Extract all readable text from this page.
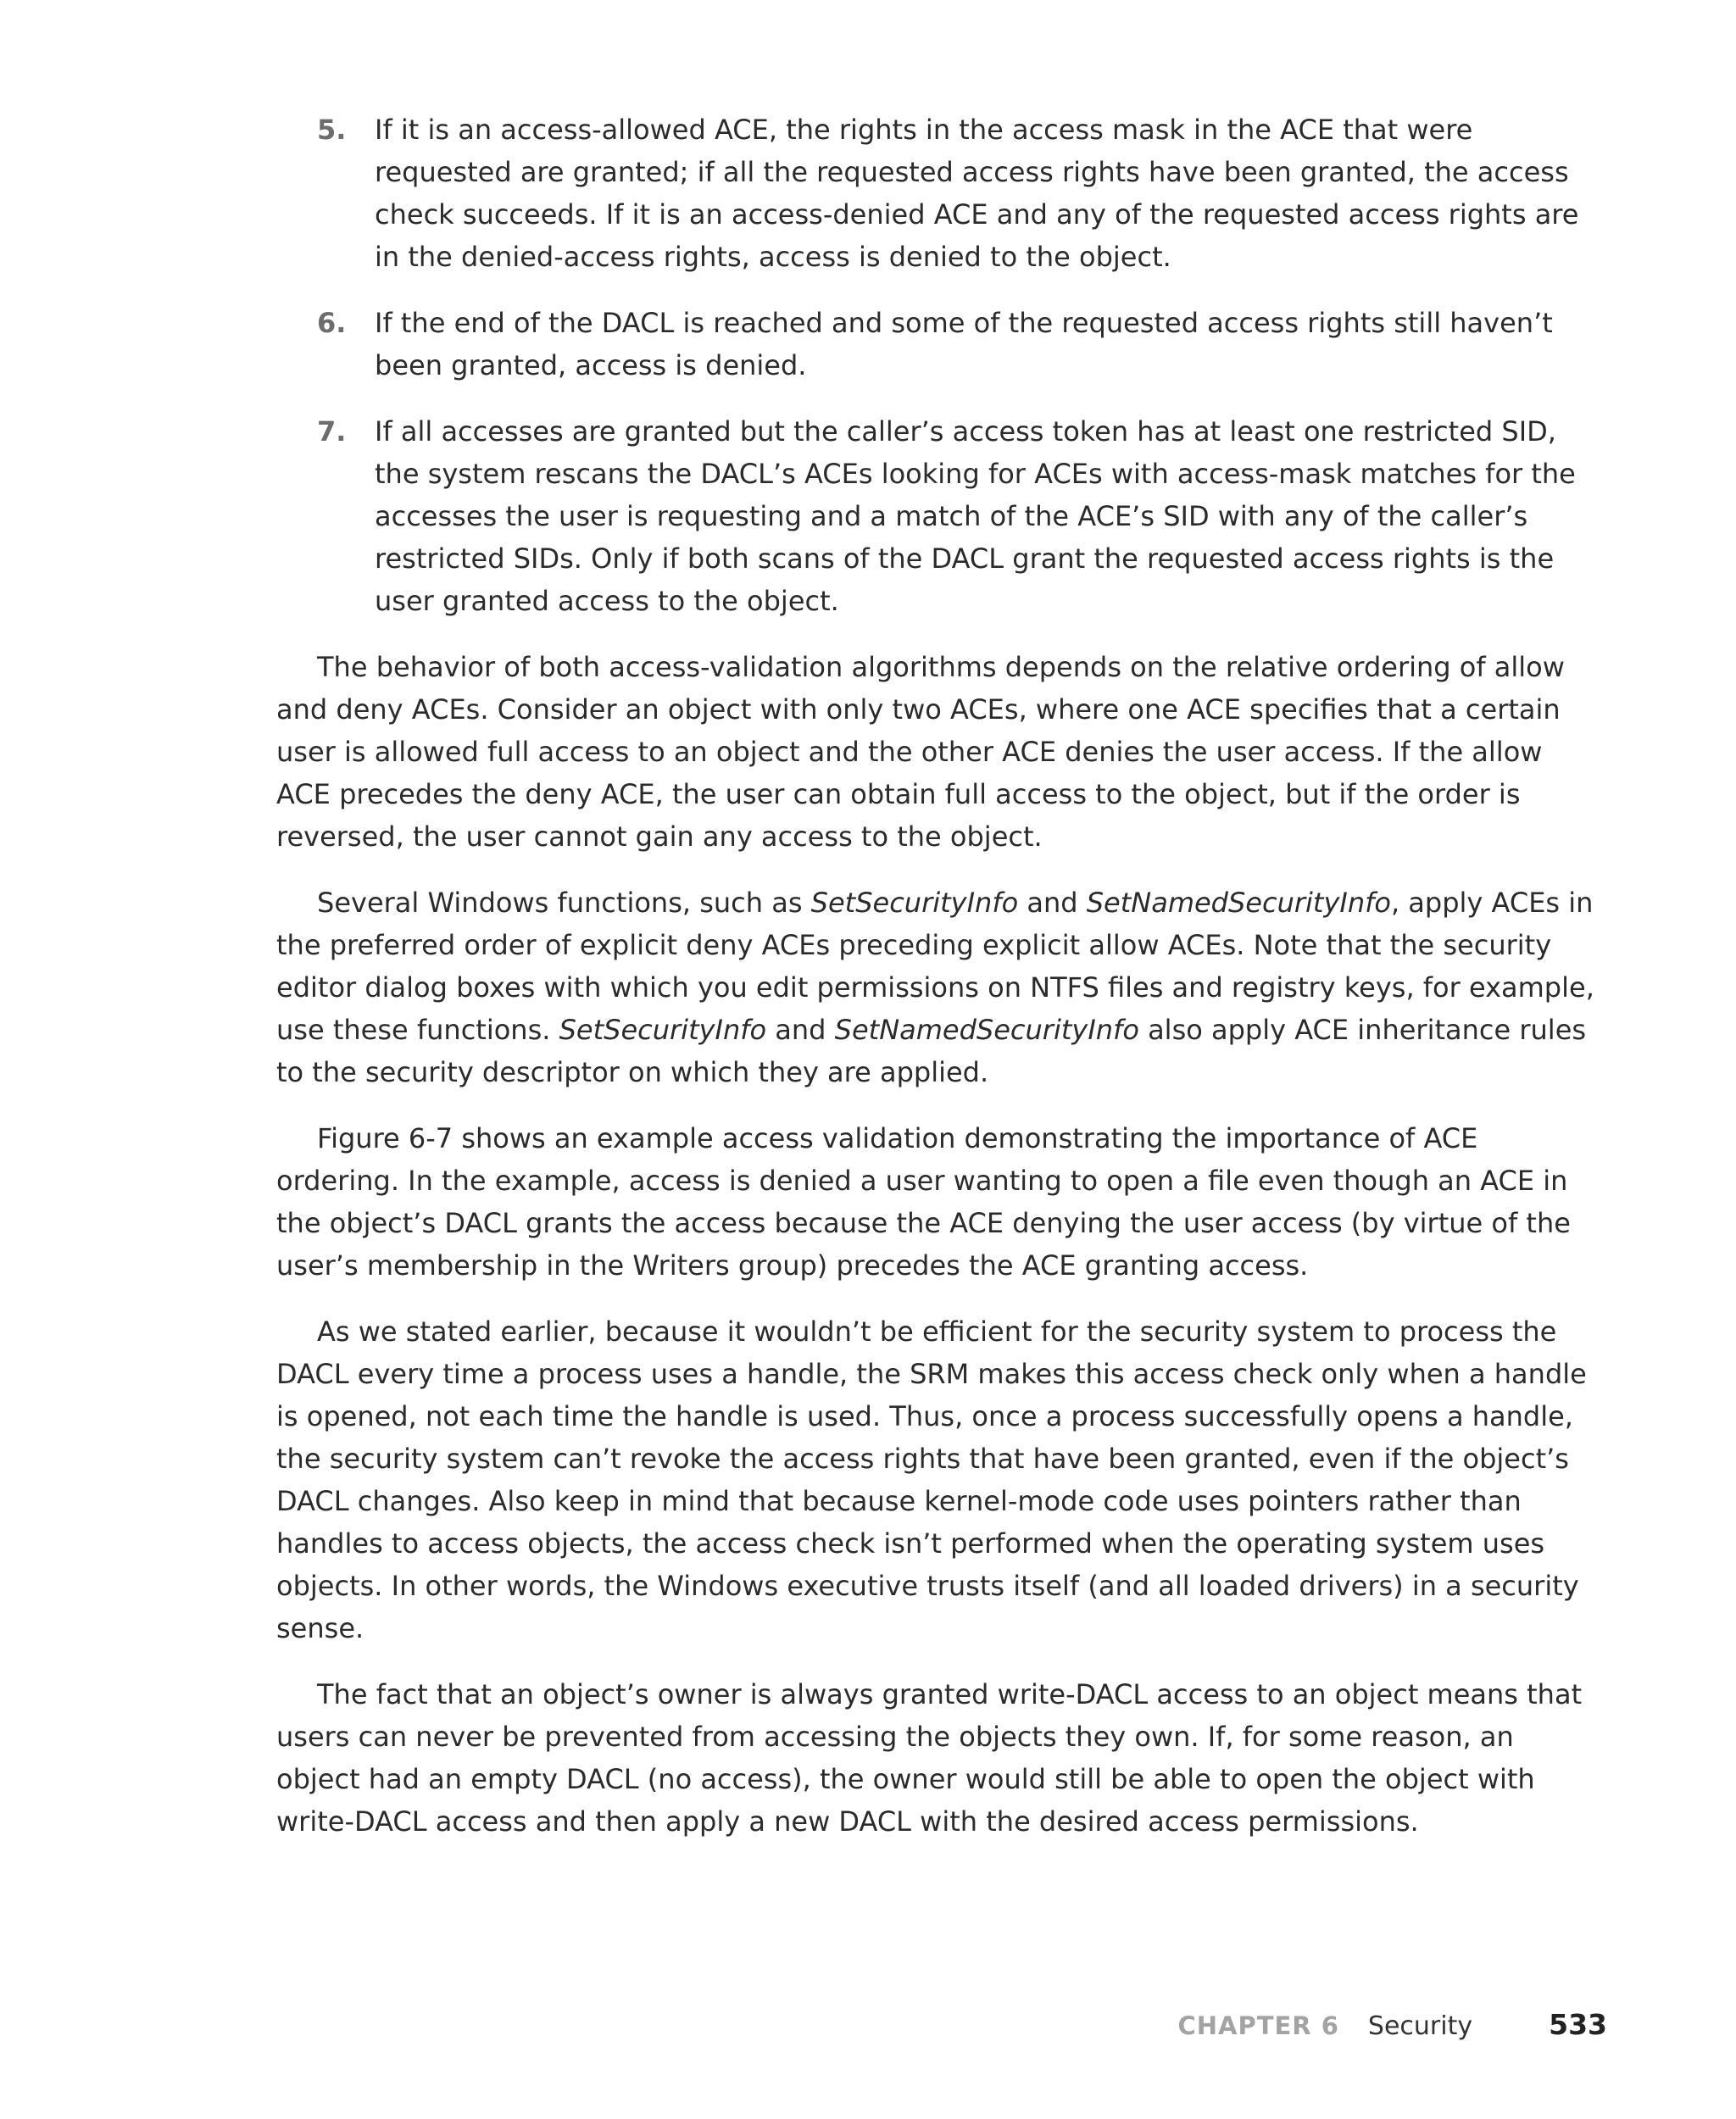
5. If it is an access-allowed ACE, the rights in the access mask in the ACE that were requested are granted; if all the requested access rights have been granted, the access check succeeds. If it is an access-denied ACE and any of the requested access rights are in the denied-access rights, access is denied to the object.
6. If the end of the DACL is reached and some of the requested access rights still haven’t been granted, access is denied.
7. If all accesses are granted but the caller’s access token has at least one restricted SID, the system rescans the DACL’s ACEs looking for ACEs with access-mask matches for the accesses the user is requesting and a match of the ACE’s SID with any of the caller’s restricted SIDs. Only if both scans of the DACL grant the requested access rights is the user granted access to the object.

The behavior of both access-validation algorithms depends on the relative ordering of allow and deny ACEs. Consider an object with only two ACEs, where one ACE specifies that a certain user is allowed full access to an object and the other ACE denies the user access. If the allow ACE precedes the deny ACE, the user can obtain full access to the object, but if the order is reversed, the user cannot gain any access to the object.

Several Windows functions, such as SetSecurityInfo and SetNamedSecurityInfo, apply ACEs in the preferred order of explicit deny ACEs preceding explicit allow ACEs. Note that the security editor dialog boxes with which you edit permissions on NTFS files and registry keys, for example, use these functions. SetSecurityInfo and SetNamedSecurityInfo also apply ACE inheritance rules to the security descriptor on which they are applied.

Figure 6-7 shows an example access validation demonstrating the importance of ACE ordering. In the example, access is denied a user wanting to open a file even though an ACE in the object’s DACL grants the access because the ACE denying the user access (by virtue of the user’s membership in the Writers group) precedes the ACE granting access.

As we stated earlier, because it wouldn’t be efficient for the security system to process the DACL every time a process uses a handle, the SRM makes this access check only when a handle is opened, not each time the handle is used. Thus, once a process successfully opens a handle, the security system can’t revoke the access rights that have been granted, even if the object’s DACL changes. Also keep in mind that because kernel-mode code uses pointers rather than handles to access objects, the access check isn’t performed when the operating system uses objects. In other words, the Windows executive trusts itself (and all loaded drivers) in a security sense.

The fact that an object’s owner is always granted write-DACL access to an object means that users can never be prevented from accessing the objects they own. If, for some reason, an object had an empty DACL (no access), the owner would still be able to open the object with write-DACL access and then apply a new DACL with the desired access permissions.

CHAPTER 6 Security	533
